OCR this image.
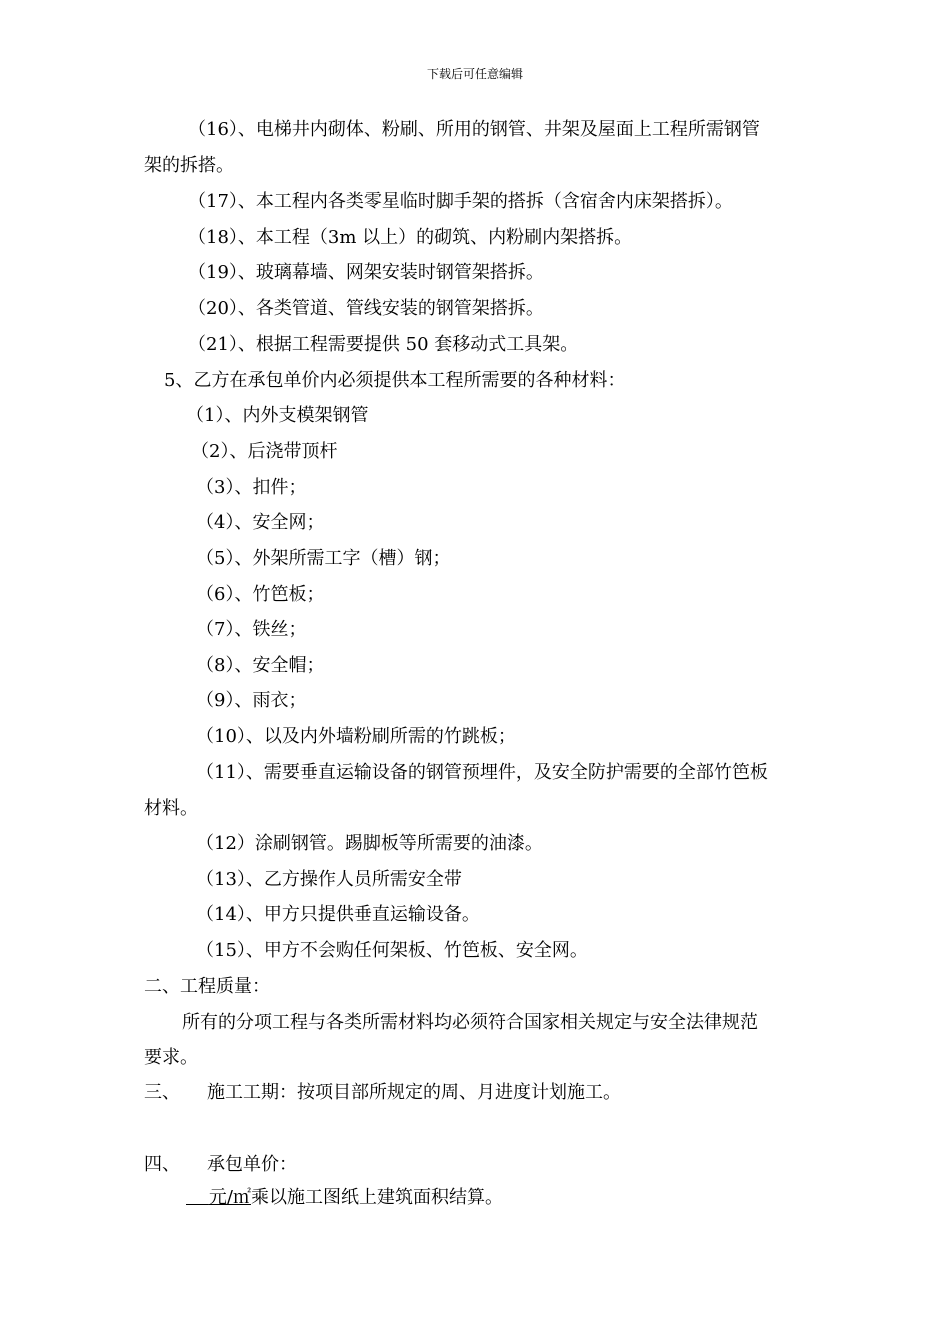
下载后可任意编辑
（16）、电梯井内砌体、粉刷、所用的钢管、井架及屋面上工程所需钢管
架的拆搭。
（17）、本工程内各类零星临时脚手架的搭拆（含宿舍内床架搭拆）。
（18）、本工程（3m 以上）的砌筑、内粉刷内架搭拆。
（19）、玻璃幕墙、网架安装时钢管架搭拆。
（20）、各类管道、管线安装的钢管架搭拆。
（21）、根据工程需要提供 50 套移动式工具架。
5、乙方在承包单价内必须提供本工程所需要的各种材料：
（1）、内外支模架钢管
（2）、后浇带顶杆
（3）、扣件；
（4）、安全网；
（5）、外架所需工字（槽）钢；
（6）、竹笆板；
（7）、铁丝；
（8）、安全帽；
（9）、雨衣；
（10）、以及内外墙粉刷所需的竹跳板；
（11）、需要垂直运输设备的钢管预埋件，及安全防护需要的全部竹笆板
材料。
（12）涂刷钢管。踢脚板等所需要的油漆。
（13）、乙方操作人员所需安全带
（14）、甲方只提供垂直运输设备。
（15）、甲方不会购任何架板、竹笆板、安全网。
二、工程质量：
所有的分项工程与各类所需材料均必须符合国家相关规定与安全法律规范
要求。
三、　　施工工期：按项目部所规定的周、月进度计划施工。
四、　　承包单价：
元/㎡乘以施工图纸上建筑面积结算。
